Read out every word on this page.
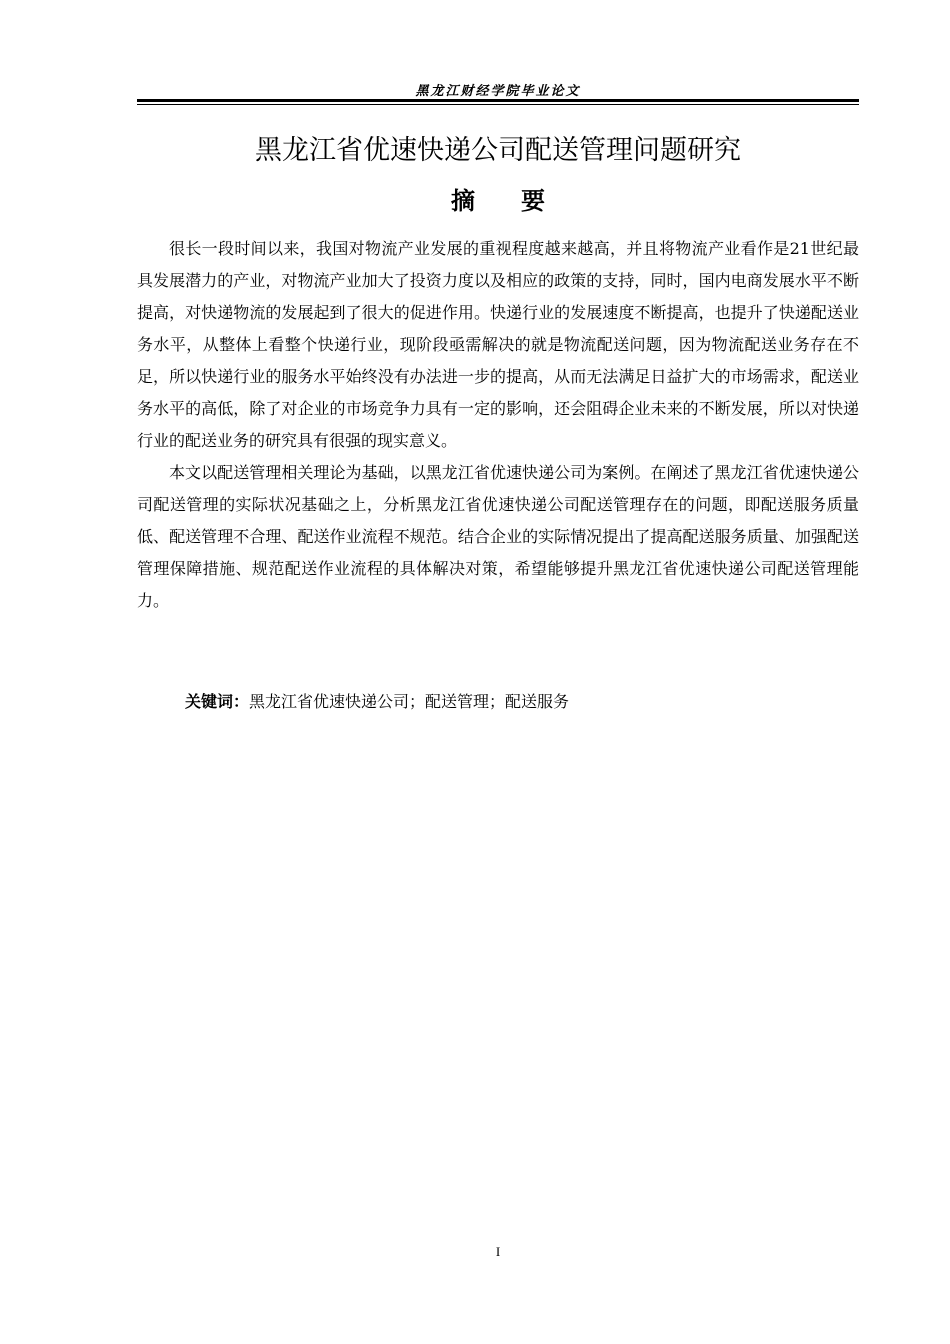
黑龙江财经学院毕业论文
黑龙江省优速快递公司配送管理问题研究
摘 要

很长一段时间以来，我国对物流产业发展的重视程度越来越高，并且将物流产业看作是21世纪最具发展潜力的产业，对物流产业加大了投资力度以及相应的政策的支持，同时，国内电商发展水平不断提高，对快递物流的发展起到了很大的促进作用。快递行业的发展速度不断提高，也提升了快递配送业务水平，从整体上看整个快递行业，现阶段亟需解决的就是物流配送问题，因为物流配送业务存在不足，所以快递行业的服务水平始终没有办法进一步的提高，从而无法满足日益扩大的市场需求，配送业务水平的高低，除了对企业的市场竞争力具有一定的影响，还会阻碍企业未来的不断发展，所以对快递行业的配送业务的研究具有很强的现实意义。

本文以配送管理相关理论为基础，以黑龙江省优速快递公司为案例。在阐述了黑龙江省优速快递公司配送管理的实际状况基础之上，分析黑龙江省优速快递公司配送管理存在的问题，即配送服务质量低、配送管理不合理、配送作业流程不规范。结合企业的实际情况提出了提高配送服务质量、加强配送管理保障措施、规范配送作业流程的具体解决对策，希望能够提升黑龙江省优速快递公司配送管理能力。

关键词：黑龙江省优速快递公司；配送管理；配送服务
I
